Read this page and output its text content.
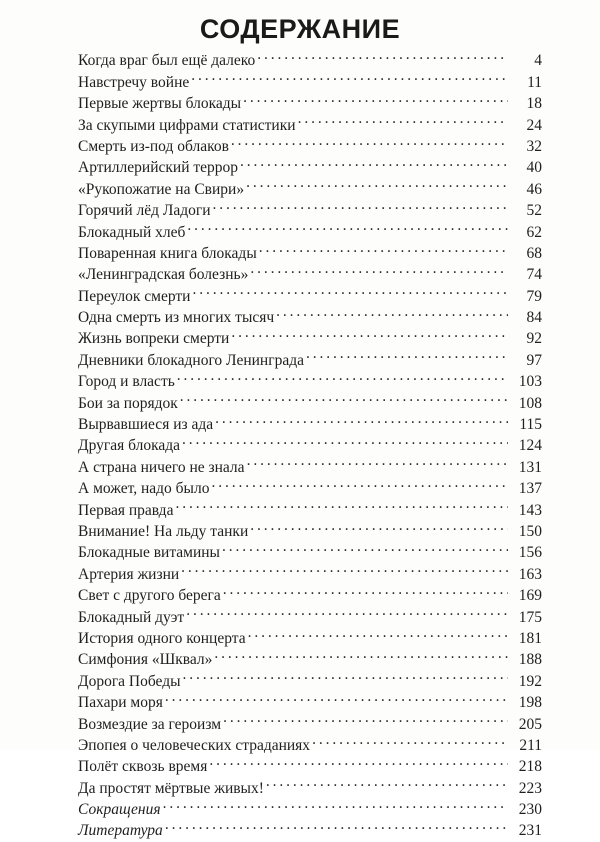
СОДЕРЖАНИЕ
Когда враг был ещё далеко . . .	4
Навстречу войне . . .	11
Первые жертвы блокады . . .	18
За скупыми цифрами статистики . . .	24
Смерть из-под облаков . . .	32
Артиллерийский террор . . .	40
«Рукопожатие на Свири» . . .	46
Горячий лёд Ладоги . . .	52
Блокадный хлеб . . .	62
Поваренная книга блокады . . .	68
«Ленинградская болезнь» . . .	74
Переулок смерти . . .	79
Одна смерть из многих тысяч . . .	84
Жизнь вопреки смерти . . .	92
Дневники блокадного Ленинграда . . .	97
Город и власть . . .	103
Бои за порядок . . .	108
Вырвавшиеся из ада . . .	115
Другая блокада . . .	124
А страна ничего не знала . . .	131
А может, надо было . . .	137
Первая правда . . .	143
Внимание! На льду танки . . .	150
Блокадные витамины . . .	156
Артерия жизни . . .	163
Свет с другого берега . . .	169
Блокадный дуэт . . .	175
История одного концерта . . .	181
Симфония «Шквал» . . .	188
Дорога Победы . . .	192
Пахари моря . . .	198
Возмездие за героизм . . .	205
Эпопея о человеческих страданиях . . .	211
Полёт сквозь время . . .	218
Да простят мёртвые живых! . . .	223
Сокращения . . .	230
Литература . . .	231
